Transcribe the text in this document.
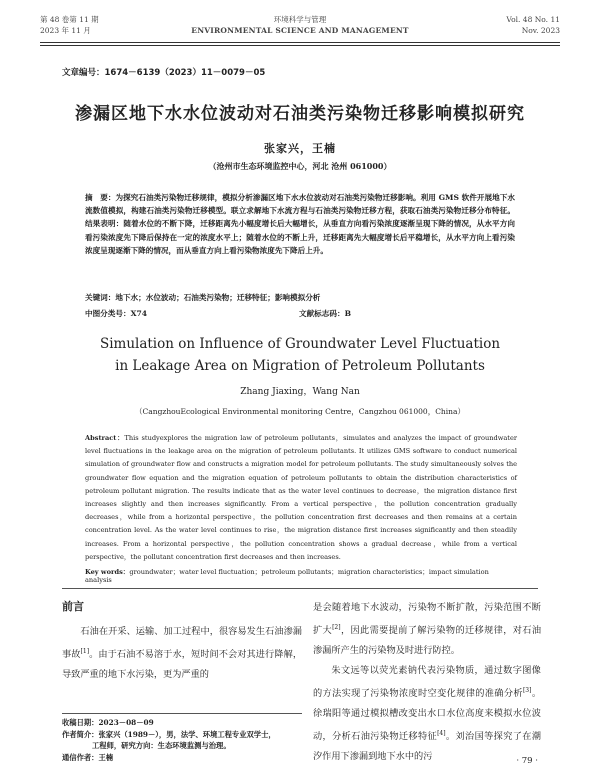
第 48 卷第 11 期
2023 年 11 月
环境科学与管理
ENVIRONMENTAL SCIENCE AND MANAGEMENT
Vol. 48 No. 11
Nov. 2023
文章编号：1674－6139（2023）11－0079－05
渗漏区地下水水位波动对石油类污染物迁移影响模拟研究
张家兴，王楠
（沧州市生态环境监控中心，河北 沧州 061000）
摘　要：为探究石油类污染物迁移规律，模拟分析渗漏区地下水水位波动对石油类污染物迁移影响。利用 GMS 软件开展地下水流数值模拟，构建石油类污染物迁移模型。联立求解地下水流方程与石油类污染物迁移方程，获取石油类污染物迁移分布特征。结果表明：随着水位的不断下降，迁移距离先小幅度增长后大幅增长，从垂直方向看污染浓度逐渐呈现下降的情况，从水平方向看污染浓度先下降后保持在一定的浓度水平上；随着水位的不断上升，迁移距离先大幅度增长后平稳增长，从水平方向上看污染浓度呈现逐渐下降的情况，而从垂直方向上看污染物浓度先下降后上升。
关键词：地下水；水位波动；石油类污染物；迁移特征；影响模拟分析
中图分类号：X74	文献标志码：B
Simulation on Influence of Groundwater Level Fluctuation
in Leakage Area on Migration of Petroleum Pollutants
Zhang Jiaxing，Wang Nan
（CangzhouEcological Environmental monitoring Centre，Cangzhou 061000，China）
Abstract：This studyexplores the migration law of petroleum pollutants，simulates and analyzes the impact of groundwater level fluctuations in the leakage area on the migration of petroleum pollutants. It utilizes GMS software to conduct numerical simulation of groundwater flow and constructs a migration model for petroleum pollutants. The study simultaneously solves the groundwater flow equation and the migration equation of petroleum pollutants to obtain the distribution characteristics of petroleum pollutant migration. The results indicate that as the water level continues to decrease，the migration distance first increases slightly and then increases significantly. From a vertical perspective，the pollution concentration gradually decreases，while from a horizontal perspective，the pollution concentration first decreases and then remains at a certain concentration level. As the water level continues to rise，the migration distance first increases significantly and then steadily increases. From a horizontal perspective，the pollution concentration shows a gradual decrease，while from a vertical perspective，the pollutant concentration first decreases and then increases.
Key words：groundwater；water level fluctuation；petroleum pollutants；migration characteristics；impact simulation analysis
前言

石油在开采、运输、加工过程中，很容易发生石油渗漏事故[1]。由于石油不易溶于水，短时间不会对其进行降解，导致严重的地下水污染，更为严重的

收稿日期：2023－08－09
作者简介：张家兴（1989－），男，法学、环境工程专业双学士，
工程师，研究方向：生态环境监测与治理。
通信作者：王楠

是会随着地下水波动，污染物不断扩散，污染范围不断扩大[2]，因此需要提前了解污染物的迁移规律，对石油渗漏所产生的污染物及时进行防控。

朱文远等以荧光素钠代表污染物质，通过数字图像的方法实现了污染物浓度时空变化规律的准确分析[3]。徐瑞阳等通过模拟槽改变出水口水位高度来模拟水位波动，分析石油污染物迁移特征[4]。刘治国等探究了在潮汐作用下渗漏到地下水中的污	· 79 ·
